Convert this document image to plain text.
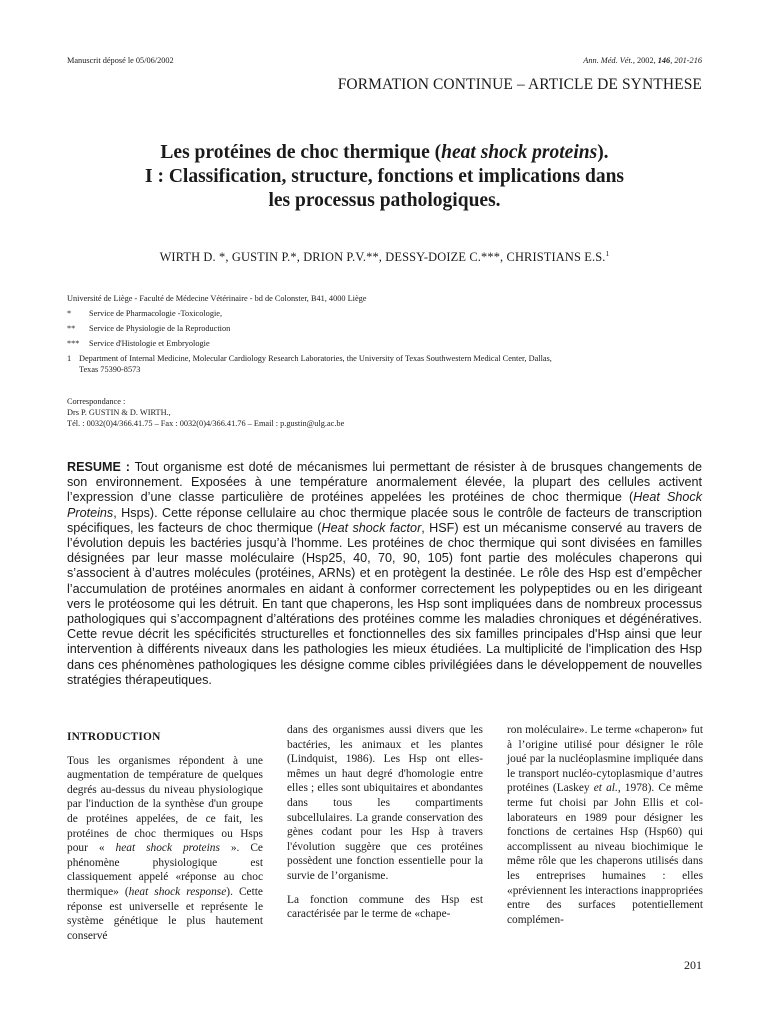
Manuscrit déposé le 05/06/2002	Ann. Méd. Vét., 2002, 146, 201-216
FORMATION CONTINUE – ARTICLE DE SYNTHESE
Les protéines de choc thermique (heat shock proteins).
I : Classification, structure, fonctions et implications dans
les processus pathologiques.
WIRTH D. *, GUSTIN P.*, DRION P.V.**, DESSY-DOIZE C.***, CHRISTIANS E.S.$^1$
Université de Liège - Faculté de Médecine Vétérinaire - bd de Colonster, B41, 4000 Liège
*	Service de Pharmacologie -Toxicologie,
**	Service de Physiologie de la Reproduction
***	Service d'Histologie et Embryologie
1 Department of Internal Medicine, Molecular Cardiology Research Laboratories, the University of Texas Southwestern Medical Center, Dallas,
Texas 75390-8573
Correspondance :
Drs P. GUSTIN & D. WIRTH.,
Tél. : 0032(0)4/366.41.75 – Fax : 0032(0)4/366.41.76 – Email : p.gustin@ulg.ac.be
RESUME : Tout organisme est doté de mécanismes lui permettant de résister à de brusques changements de son environnement. Exposées à une température anormalement élevée, la plupart des cellules activent l’expression d’une classe particulière de protéines appelées les protéines de choc thermique (Heat Shock Proteins, Hsps). Cette réponse cellulaire au choc thermique placée sous le contrôle de facteurs de transcription spécifiques, les facteurs de choc thermique (Heat shock factor, HSF) est un mécanisme conservé au travers de l’évolution depuis les bactéries jusqu’à l’homme. Les protéines de choc thermique qui sont divisées en familles désignées par leur masse moléculaire (Hsp25, 40, 70, 90, 105) font partie des molécules chaperons qui s’associent à d’autres molécules (protéines, ARNs) et en protègent la destinée. Le rôle des Hsp est d’empêcher l’accumulation de protéines anormales en aidant à conformer correctement les polypeptides ou en les dirigeant vers le protéosome qui les détruit. En tant que chaperons, les Hsp sont impliquées dans de nombreux processus pathologiques qui s’accompagnent d’altérations des protéines comme les maladies chroniques et dégénératives. Cette revue décrit les spécificités structurelles et fonctionnelles des six familles principales d'Hsp ainsi que leur intervention à différents niveaux dans les pathologies les mieux étudiées. La multiplicité de l'implication des Hsp dans ces phénomènes pathologiques les désigne comme cibles privilégiées dans le développement de nouvelles stratégies thérapeutiques.
INTRODUCTION

Tous les organismes répondent à une augmentation de température de quelques degrés au-dessus du niveau physiologique par l'induction de la synthèse d'un groupe de protéines appelées, de ce fait, les protéines de choc thermiques ou Hsps pour « heat shock proteins ». Ce phénomène physiologique est classiquement appelé «réponse au choc thermique» (heat shock response). Cette réponse est universelle et représente le système génétique le plus hautement conservé

dans des organismes aussi divers que les bactéries, les animaux et les plantes (Lindquist, 1986). Les Hsp ont elles-mêmes un haut degré d'homologie entre elles ; elles sont ubiquitaires et abondantes dans tous les compartiments subcellulaires. La grande conservation des gènes codant pour les Hsp à travers l'évolution suggère que ces protéines possèdent une fonction essentielle pour la survie de l’organisme.

La fonction commune des Hsp est caractérisée par le terme de «chape-

ron moléculaire». Le terme «chaperon» fut à l’origine utilisé pour désigner le rôle joué par la nucléoplasmine impliquée dans le transport nucléo-cytoplasmique d’autres protéines (Laskey et al., 1978). Ce même terme fut choisi par John Ellis et collaborateurs en 1989 pour désigner les fonctions de certaines Hsp (Hsp60) qui accomplissent au niveau biochimique le même rôle que les chaperons utilisés dans les entreprises humaines : elles «préviennent les interactions inappropriées entre des surfaces potentiellement complémen-

201
